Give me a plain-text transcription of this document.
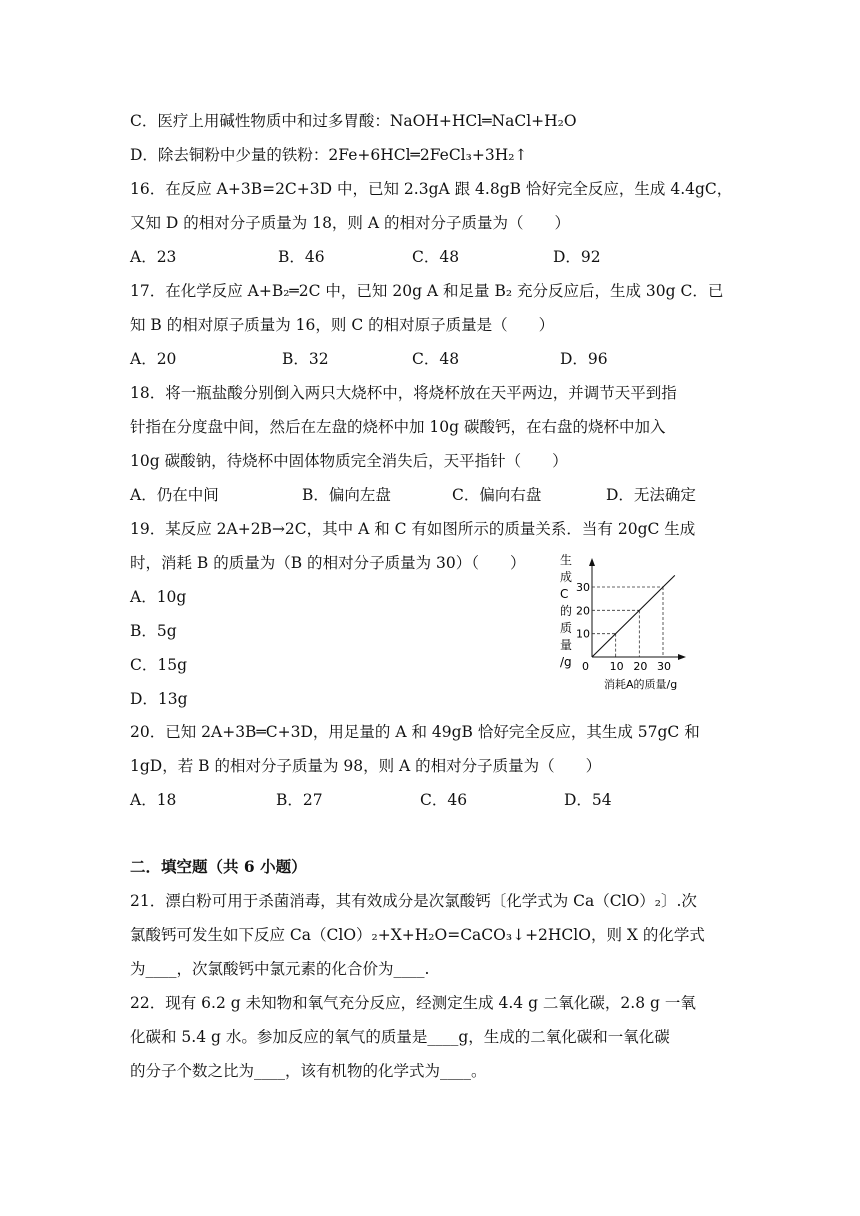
C．医疗上用碱性物质中和过多胃酸：NaOH+HCl═NaCl+H₂O
D．除去铜粉中少量的铁粉：2Fe+6HCl═2FeCl₃+3H₂↑
16．在反应 A+3B=2C+3D 中，已知 2.3gA 跟 4.8gB 恰好完全反应，生成 4.4gC，
又知 D 的相对分子质量为 18，则 A 的相对分子质量为（　　）
A．23	B．46	C．48	D．92
17．在化学反应 A+B₂═2C 中，已知 20g A 和足量 B₂ 充分反应后，生成 30g C．已
知 B 的相对原子质量为 16，则 C 的相对原子质量是（　　）
A．20	B．32	C．48	D．96
18．将一瓶盐酸分别倒入两只大烧杯中，将烧杯放在天平两边，并调节天平到指
针指在分度盘中间，然后在左盘的烧杯中加 10g 碳酸钙，在右盘的烧杯中加入
10g 碳酸钠，待烧杯中固体物质完全消失后，天平指针（　　）
A．仍在中间	B．偏向左盘	C．偏向右盘	D．无法确定
19．某反应 2A+2B→2C，其中 A 和 C 有如图所示的质量关系．当有 20gC 生成
时，消耗 B 的质量为（B 的相对分子质量为 30）（　　）
A．10g
B．5g
C．15g
D．13g
生
成
C
的
质
量
/g 0 10 20 30
10
20
30
消耗A的质量/g
20．已知 2A+3B═C+3D，用足量的 A 和 49gB 恰好完全反应，其生成 57gC 和
1gD，若 B 的相对分子质量为 98，则 A 的相对分子质量为（　　）
A．18	B．27	C．46	D．54
二．填空题（共 6 小题）
21．漂白粉可用于杀菌消毒，其有效成分是次氯酸钙〔化学式为 Ca（ClO）₂〕.次
氯酸钙可发生如下反应 Ca（ClO）₂+X+H₂O=CaCO₃↓+2HClO，则 X 的化学式
为____，次氯酸钙中氯元素的化合价为____.
22．现有 6.2 g 未知物和氧气充分反应，经测定生成 4.4 g 二氧化碳，2.8 g 一氧
化碳和 5.4 g 水。参加反应的氧气的质量是____g，生成的二氧化碳和一氧化碳
的分子个数之比为____，该有机物的化学式为____。
